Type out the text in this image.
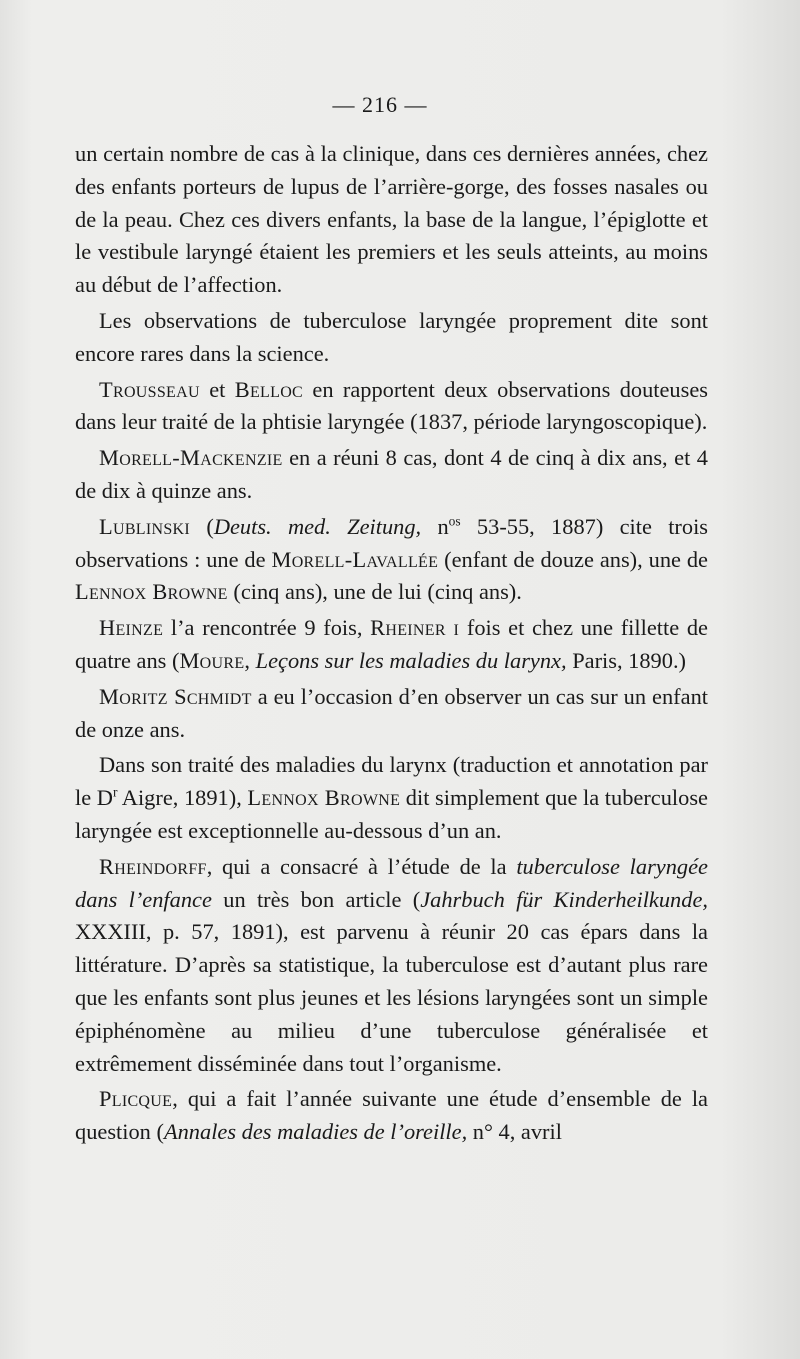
— 216 —

un certain nombre de cas à la clinique, dans ces dernières années, chez des enfants porteurs de lupus de l’arrière-gorge, des fosses nasales ou de la peau. Chez ces divers enfants, la base de la langue, l’épiglotte et le vestibule laryngé étaient les premiers et les seuls atteints, au moins au début de l’affection.

Les observations de tuberculose laryngée proprement dite sont encore rares dans la science.

Trousseau et Belloc en rapportent deux observations douteuses dans leur traité de la phtisie laryngée (1837, période laryngoscopique).

Morell-Mackenzie en a réuni 8 cas, dont 4 de cinq à dix ans, et 4 de dix à quinze ans.

Lublinski (Deuts. med. Zeitung, $n^{os}$ 53-55, 1887) cite trois observations : une de Morell-Lavallée (enfant de douze ans), une de Lennox Browne (cinq ans), une de lui (cinq ans).

Heinze l’a rencontrée 9 fois, Rheiner i fois et chez une fillette de quatre ans (Moure, Leçons sur les maladies du larynx, Paris, 1890.)

Moritz Schmidt a eu l’occasion d’en observer un cas sur un enfant de onze ans.

Dans son traité des maladies du larynx (traduction et annotation par le $D^r$ Aigre, 1891), Lennox Browne dit simplement que la tuberculose laryngée est exceptionnelle au-dessous d’un an.

Rheindorff, qui a consacré à l’étude de la tuberculose laryngée dans l’enfance un très bon article (Jahrbuch für Kinderheilkunde, XXXIII, p. 57, 1891), est parvenu à réunir 20 cas épars dans la littérature. D’après sa statistique, la tuberculose est d’autant plus rare que les enfants sont plus jeunes et les lésions laryngées sont un simple épiphénomène au milieu d’une tuberculose généralisée et extrêmement disséminée dans tout l’organisme.

Plicque, qui a fait l’année suivante une étude d’ensemble de la question (Annales des maladies de l’oreille, n° 4, avril
